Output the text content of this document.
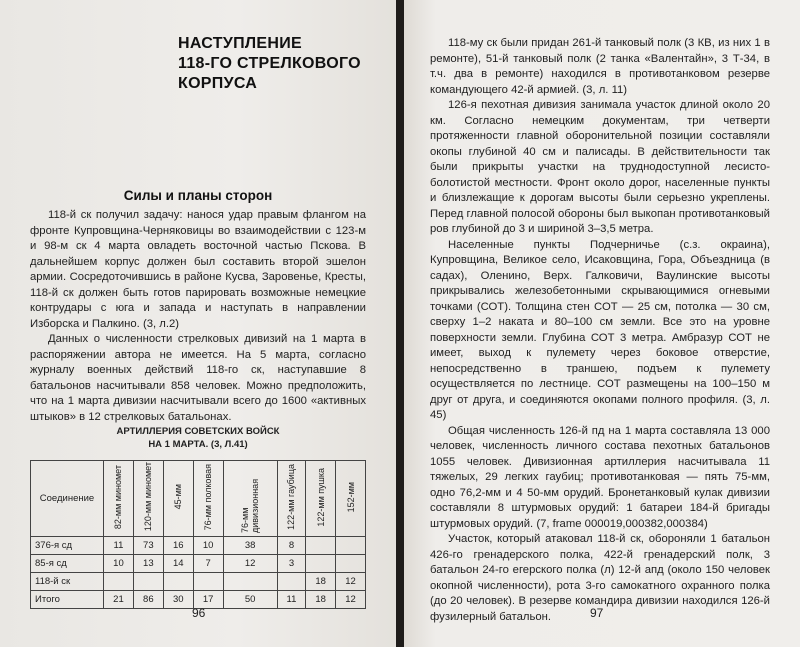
НАСТУПЛЕНИЕ
118-ГО СТРЕЛКОВОГО
КОРПУСА
Силы и планы сторон

118-й ск получил задачу: нанося удар правым флангом на фронте Купровщина-Черняковицы во взаимодействии с 123-м и 98-м ск 4 марта овладеть восточной частью Пскова. В дальнейшем корпус должен был составить второй эшелон армии. Сосредоточившись в районе Кусва, Заровенье, Кресты, 118-й ск должен быть готов парировать возможные немецкие контрудары с юга и запада и наступать в направлении Изборска и Палкино. (3, л.2)

Данных о численности стрелковых дивизий на 1 марта в распоряжении автора не имеется. На 5 марта, согласно журналу военных действий 118-го ск, наступавшие 8 батальонов насчитывали 858 человек. Можно предположить, что на 1 марта дивизии насчитывали всего до 1600 «активных штыков» в 12 стрелковых батальонах.

АРТИЛЛЕРИЯ СОВЕТСКИХ ВОЙСК
НА 1 МАРТА. (3, Л.41)
Соединение	82-мм миномет	120-мм миномет	45-мм	76-мм полковая	76-мм дивизионная	122-мм гаубица	122-мм пушка	152-мм
376-я сд	11	73	16	10	38	8		
85-я сд	10	13	14	7	12	3		
118-й ск							18	12
Итого	21	86	30	17	50	11	18	12
96

118-му ск были придан 261-й танковый полк (3 КВ, из них 1 в ремонте), 51-й танковый полк (2 танка «Валентайн», 3 Т-34, в т.ч. два в ремонте) находился в противотанковом резерве командующего 42-й армией. (3, л. 11)

126-я пехотная дивизия занимала участок длиной около 20 км. Согласно немецким документам, три четверти протяженности главной оборонительной позиции составляли окопы глубиной 40 см и палисады. В действительности так были прикрыты участки на труднодоступной лесисто-болотистой местности. Фронт около дорог, населенные пункты и близлежащие к дорогам высоты были серьезно укреплены. Перед главной полосой обороны был выкопан противотанковый ров глубиной до 3 и шириной 3–3,5 метра.

Населенные пункты Подчерничье (с.з. окраина), Купровщина, Великое село, Исаковщина, Гора, Объездница (в садах), Оленино, Верх. Галковичи, Ваулинские высоты прикрывались железобетонными скрывающимися огневыми точками (СОТ). Толщина стен СОТ — 25 см, потолка — 30 см, сверху 1–2 наката и 80–100 см земли. Все это на уровне поверхности земли. Глубина СОТ 3 метра. Амбразур СОТ не имеет, выход к пулемету через боковое отверстие, непосредственно в траншею, подъем к пулемету осуществляется по лестнице. СОТ размещены на 100–150 м друг от друга, и соединяются окопами полного профиля. (3, л. 45)

Общая численность 126-й пд на 1 марта составляла 13 000 человек, численность личного состава пехотных батальонов 1055 человек. Дивизионная артиллерия насчитывала 11 тяжелых, 29 легких гаубиц; противотанковая — пять 75-мм, одно 76,2-мм и 4 50-мм орудий. Бронетанковый кулак дивизии составляли 8 штурмовых орудий: 1 батареи 184-й бригады штурмовых орудий. (7, frame 000019,000382,000384)

Участок, который атаковал 118-й ск, обороняли 1 батальон 426-го гренадерского полка, 422-й гренадерский полк, 3 батальон 24-го егерского полка (л) 12-й апд (около 150 человек окопной численности), рота 3-го самокатного охранного полка (до 20 человек). В резерве командира дивизии находился 126-й фузилерный батальон.	97
